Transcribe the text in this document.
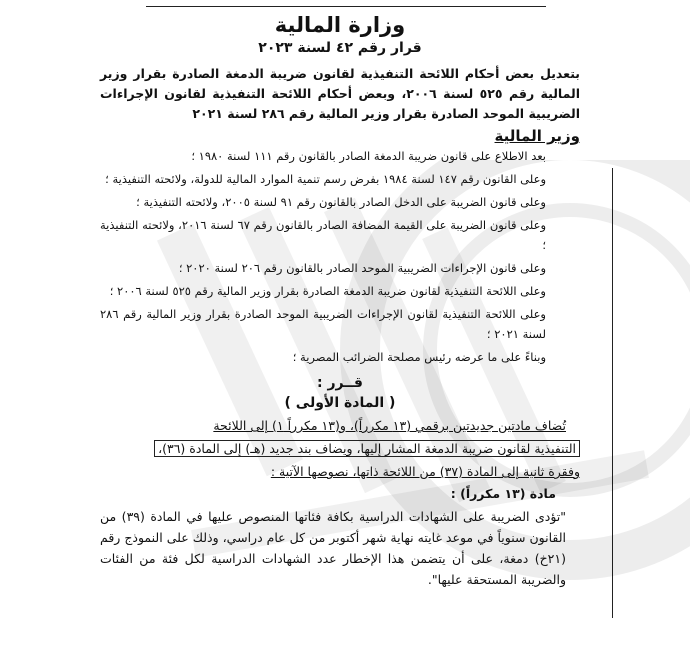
وزارة المالية

قرار رقم ٤٢ لسنة ٢٠٢٣

بتعديل بعض أحكام اللائحة التنفيذية لقانون ضريبة الدمغة الصادرة بقرار وزير المالية رقم ٥٢٥ لسنة ٢٠٠٦، وبعض أحكام اللائحة التنفيذية لقانون الإجراءات الضريبية الموحد الصادرة بقرار وزير المالية رقم ٢٨٦ لسنة ٢٠٢١

وزير المالية

بعد الاطلاع على قانون ضريبة الدمغة الصادر بالقانون رقم ١١١ لسنة ١٩٨٠ ؛

وعلى القانون رقم ١٤٧ لسنة ١٩٨٤ بفرض رسم تنمية الموارد المالية للدولة، ولائحته التنفيذية ؛

وعلى قانون الضريبة على الدخل الصادر بالقانون رقم ٩١ لسنة ٢٠٠٥، ولائحته التنفيذية ؛

وعلى قانون الضريبة على القيمة المضافة الصادر بالقانون رقم ٦٧ لسنة ٢٠١٦، ولائحته التنفيذية ؛

وعلى قانون الإجراءات الضريبية الموحد الصادر بالقانون رقم ٢٠٦ لسنة ٢٠٢٠ ؛

وعلى اللائحة التنفيذية لقانون ضريبة الدمغة الصادرة بقرار وزير المالية رقم ٥٢٥ لسنة ٢٠٠٦ ؛

وعلى اللائحة التنفيذية لقانون الإجراءات الضريبية الموحد الصادرة بقرار وزير المالية رقم ٢٨٦ لسنة ٢٠٢١ ؛

وبناءً على ما عرضه رئيس مصلحة الضرائب المصرية ؛

قــرر :

( المادة الأولى )

تُضاف مادتين جديدتين برقمي (١٣ مكرراً)، و(١٣ مكرراً ١) إلى اللائحة

التنفيذية لقانون ضريبة الدمغة المشار إليها، ويضاف بند جديد (هـ) إلى المادة (٣٦)،

وفقرة ثانية إلى المادة (٣٧) من اللائحة ذاتها، نصوصها الآتية :

مادة (١٣ مكرراً) :

"تؤدى الضريبة على الشهادات الدراسية بكافة فئاتها المنصوص عليها في المادة (٣٩) من القانون سنوياً في موعد غايته نهاية شهر أكتوبر من كل عام دراسي، وذلك على النموذج رقم (٢١خ) دمغة، على أن يتضمن هذا الإخطار عدد الشهادات الدراسية لكل فئة من الفئات والضريبة المستحقة عليها".
